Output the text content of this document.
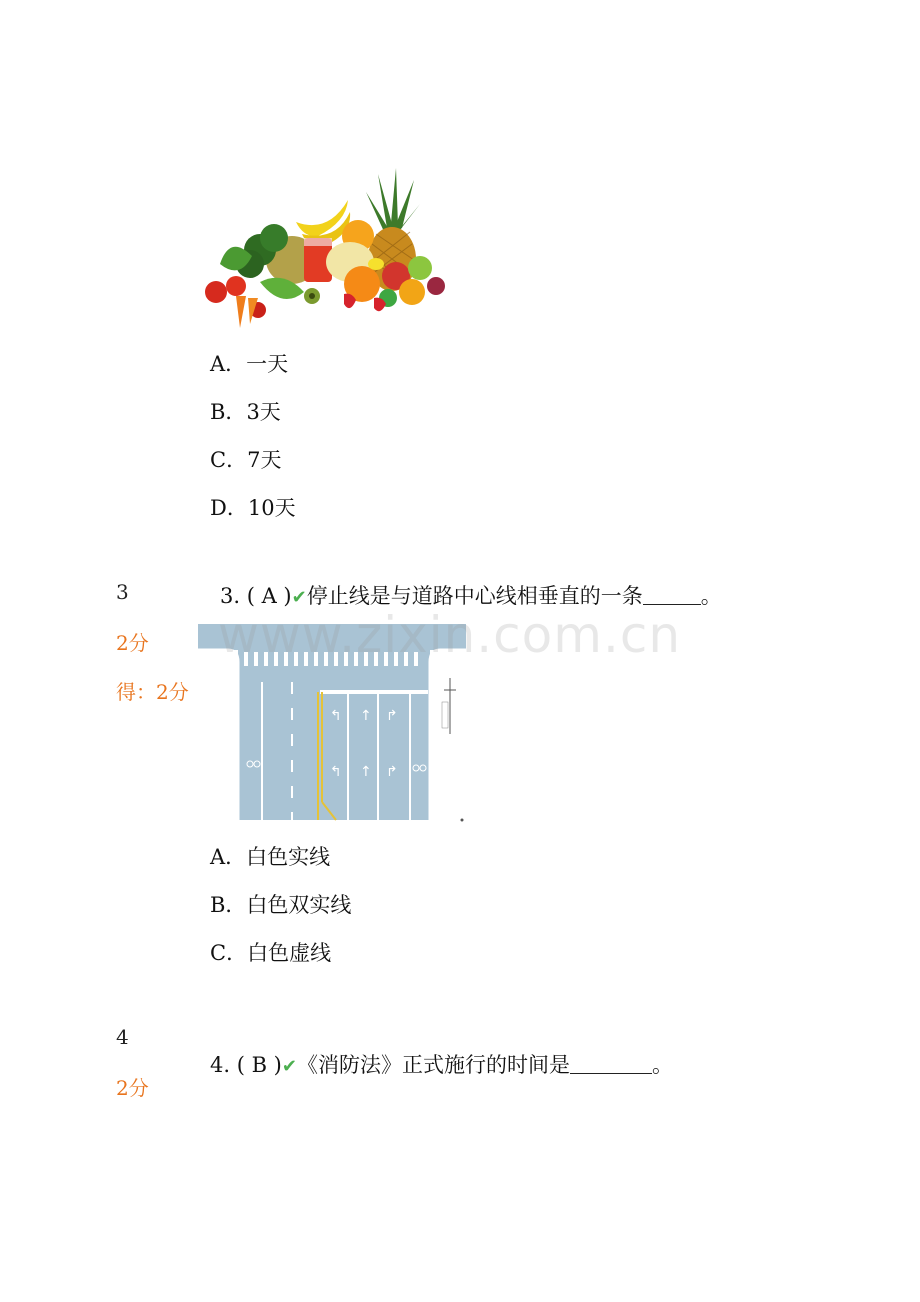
A．一天
B．3天
C．7天
D．10天
3
2分
得：2分
3. ( A )✔停止线是与道路中心线相垂直的一条	。
↰ ↑ ↱
↰ ↑ ↱
www.zixin.com.cn
A．白色实线
B．白色双实线
C．白色虚线
4
2分
4. ( B )✔《消防法》正式施行的时间是	。
